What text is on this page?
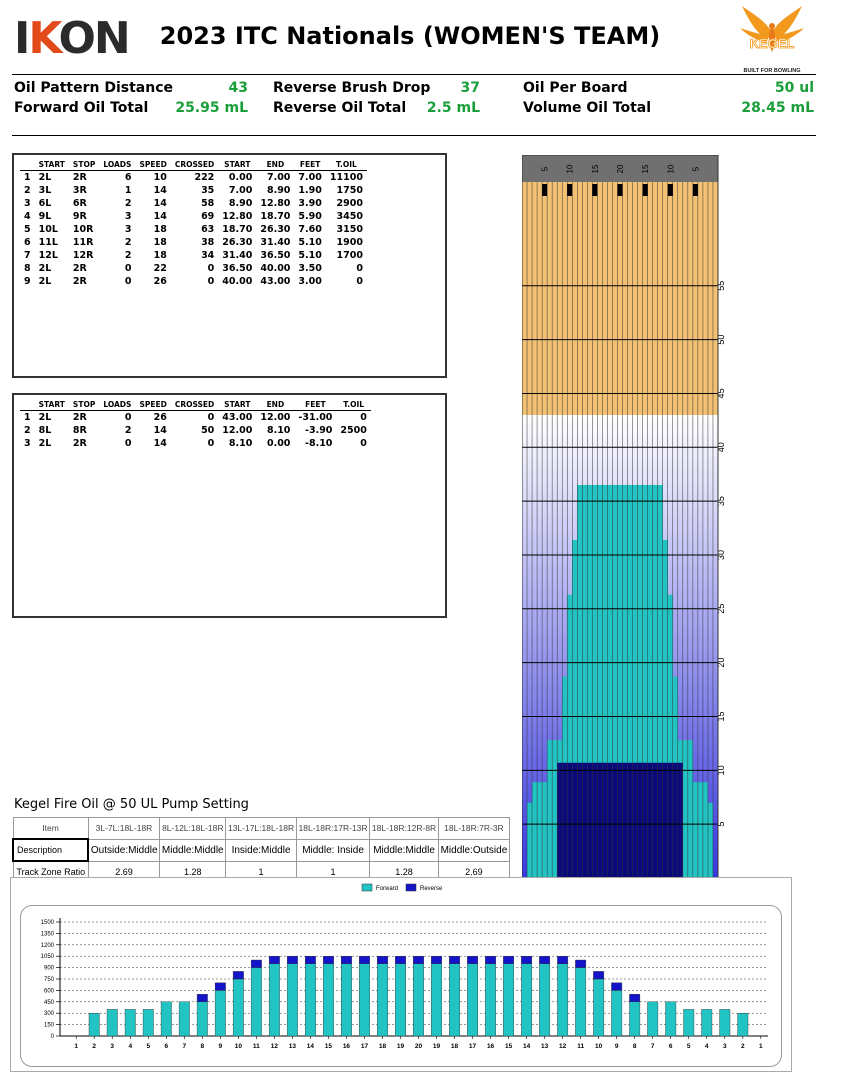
IKON	2023 ITC Nationals (WOMEN'S TEAM)	KEGEL
BUILT FOR BOWLING
Oil Pattern Distance	43 Reverse Brush Drop	37	Oil Per Board	50 ul
Forward Oil Total	25.95 mL Reverse Oil Total	2.5 mL	Volume Oil Total	28.45 mL
	START	STOP	LOADS	SPEED	CROSSED	START	END	FEET	T.OIL
1	2L	2R	6	10	222	0.00	7.00	7.00	11100
2	3L	3R	1	14	35	7.00	8.90	1.90	1750
3	6L	6R	2	14	58	8.90	12.80	3.90	2900
4	9L	9R	3	14	69	12.80	18.70	5.90	3450
5	10L	10R	3	18	63	18.70	26.30	7.60	3150
6	11L	11R	2	18	38	26.30	31.40	5.10	1900
7	12L	12R	2	18	34	31.40	36.50	5.10	1700
8	2L	2R	0	22	0	36.50	40.00	3.50	0
9	2L	2R	0	26	0	40.00	43.00	3.00	0
	START	STOP	LOADS	SPEED	CROSSED	START	END	FEET	T.OIL
1	2L	2R	0	26	0	43.00	12.00	-31.00	0
2	8L	8R	2	14	50	12.00	8.10	-3.90	2500
3	2L	2R	0	14	0	8.10	0.00	-8.10	0
55
50
45
40
35
30
25
20
15
10
5
5 10 15 20 15 10 5
Kegel Fire Oil @ 50 UL Pump Setting
Item	3L-7L:18L-18R	8L-12L:18L-18R	13L-17L:18L-18R	18L-18R:17R-13R	18L-18R:12R-8R	18L-18R:7R-3R
Description	Outside:Middle	Middle:Middle	Inside:Middle	Middle: Inside	Middle:Middle	Middle:Outside
Track Zone Ratio	2.69	1.28	1	1	1.28	2.69
Forward	Reverse
0
150
300
450
600
750
900
1050
1200
1350
1500
1 2 3 4 5 6 7 8 9 10 11 12 13 14 15 16 17 18 19 20 19 18 17 16 15 14 13 12 11 10 9 8 7 6 5 4 3 2 1
